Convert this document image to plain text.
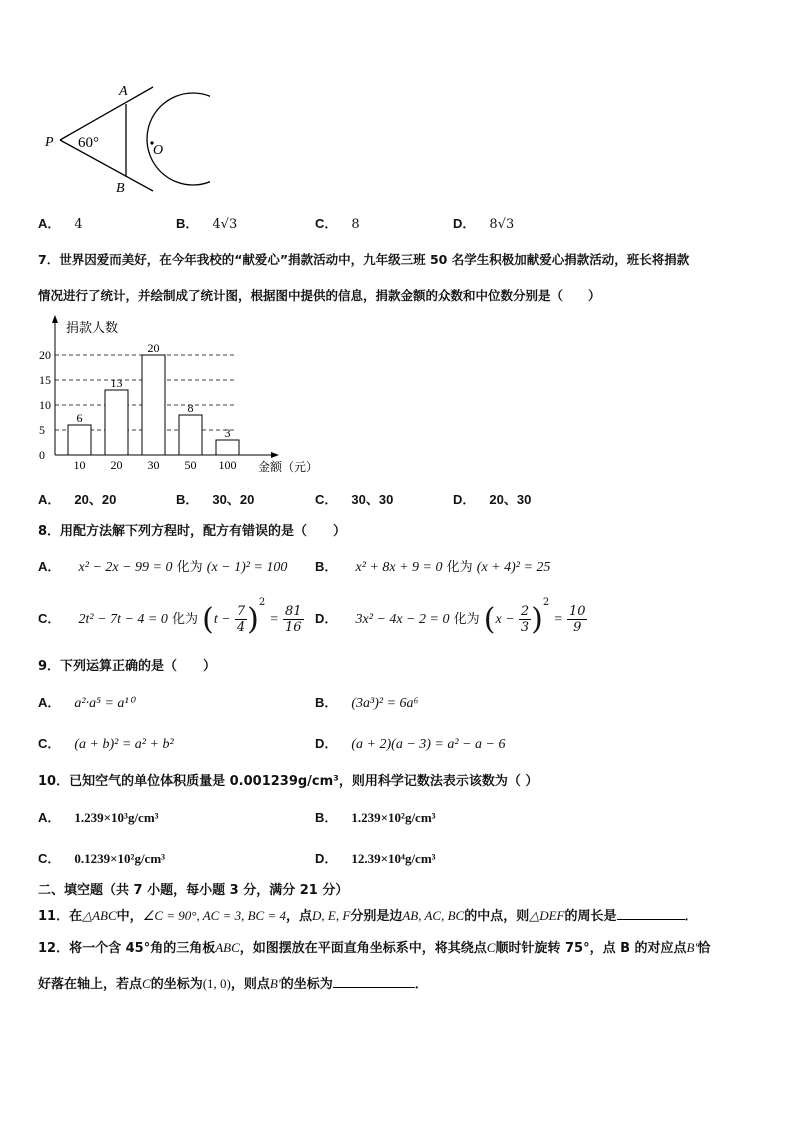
A
B
P
O
60°
A． 4	B． 4√3	C． 8	D． 8√3
7．世界因爱而美好，在今年我校的“献爱心”捐款活动中，九年级三班 50 名学生积极加献爱心捐款活动，班长将捐款
情况进行了统计，并绘制成了统计图，根据图中提供的信息，捐款金额的众数和中位数分别是（　　）
6
13
20
8
3
0
5
10
15
20
10 20 30 50 100
捐款人数
金额（元）
A． 20、20	B． 30、20	C． 30、30	D． 20、30
8．用配方法解下列方程时，配方有错误的是（　　）
A． x² − 2x − 99 = 0 化为 (x − 1)² = 100 B． x² + 8x + 9 = 0 化为 (x + 4)² = 25
C． 2t² − 7t − 4 = 0 化为 $(t - \frac{7}{4} )^2 = \frac{81}{16}$ D． 3x² − 4x − 2 = 0 化为 $(x - \frac{2}{3} )^2 = \frac{10}{9}$
9．下列运算正确的是（　　）
A． a²·a⁵ = a¹⁰	B． (3a³)² = 6a⁶
C． (a + b)² = a² + b²	D． (a + 2)(a − 3) = a² − a − 6
10．已知空气的单位体积质量是 0.001239g/cm³，则用科学记数法表示该数为（ ）
A． 1.239×10³g/cm³	B． 1.239×10²g/cm³
C． 0.1239×10²g/cm³	D． 12.39×10⁴g/cm³
二、填空题（共 7 小题，每小题 3 分，满分 21 分）
11．在△ABC中，∠C = 90°, AC = 3, BC = 4，点D, E, F分别是边AB, AC, BC的中点，则△DEF的周长是	．
12．将一个含 45°角的三角板ABC，如图摆放在平面直角坐标系中，将其绕点C顺时针旋转 75°，点 B 的对应点B′恰
好落在轴上，若点C的坐标为(1, 0)，则点B′的坐标为	．
